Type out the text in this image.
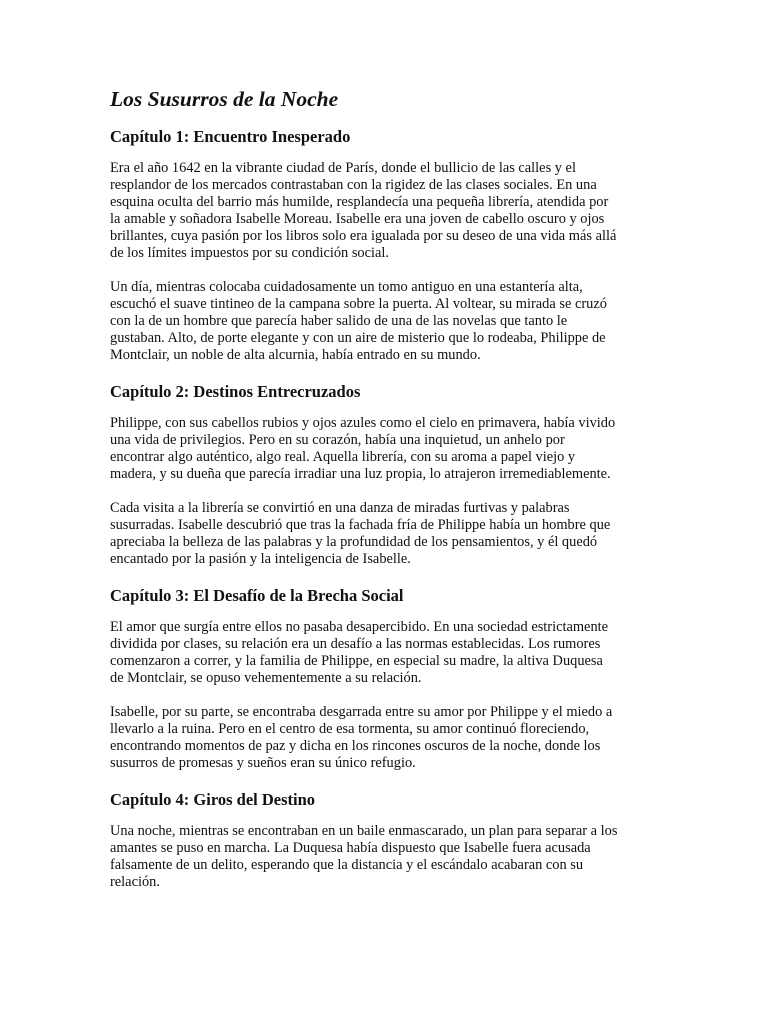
Los Susurros de la Noche
Capítulo 1: Encuentro Inesperado

Era el año 1642 en la vibrante ciudad de París, donde el bullicio de las calles y el
resplandor de los mercados contrastaban con la rigidez de las clases sociales. En una
esquina oculta del barrio más humilde, resplandecía una pequeña librería, atendida por
la amable y soñadora Isabelle Moreau. Isabelle era una joven de cabello oscuro y ojos
brillantes, cuya pasión por los libros solo era igualada por su deseo de una vida más allá
de los límites impuestos por su condición social.

Un día, mientras colocaba cuidadosamente un tomo antiguo en una estantería alta,
escuchó el suave tintineo de la campana sobre la puerta. Al voltear, su mirada se cruzó
con la de un hombre que parecía haber salido de una de las novelas que tanto le
gustaban. Alto, de porte elegante y con un aire de misterio que lo rodeaba, Philippe de
Montclair, un noble de alta alcurnia, había entrado en su mundo.

Capítulo 2: Destinos Entrecruzados

Philippe, con sus cabellos rubios y ojos azules como el cielo en primavera, había vivido
una vida de privilegios. Pero en su corazón, había una inquietud, un anhelo por
encontrar algo auténtico, algo real. Aquella librería, con su aroma a papel viejo y
madera, y su dueña que parecía irradiar una luz propia, lo atrajeron irremediablemente.

Cada visita a la librería se convirtió en una danza de miradas furtivas y palabras
susurradas. Isabelle descubrió que tras la fachada fría de Philippe había un hombre que
apreciaba la belleza de las palabras y la profundidad de los pensamientos, y él quedó
encantado por la pasión y la inteligencia de Isabelle.

Capítulo 3: El Desafío de la Brecha Social

El amor que surgía entre ellos no pasaba desapercibido. En una sociedad estrictamente
dividida por clases, su relación era un desafío a las normas establecidas. Los rumores
comenzaron a correr, y la familia de Philippe, en especial su madre, la altiva Duquesa
de Montclair, se opuso vehementemente a su relación.

Isabelle, por su parte, se encontraba desgarrada entre su amor por Philippe y el miedo a
llevarlo a la ruina. Pero en el centro de esa tormenta, su amor continuó floreciendo,
encontrando momentos de paz y dicha en los rincones oscuros de la noche, donde los
susurros de promesas y sueños eran su único refugio.

Capítulo 4: Giros del Destino

Una noche, mientras se encontraban en un baile enmascarado, un plan para separar a los
amantes se puso en marcha. La Duquesa había dispuesto que Isabelle fuera acusada
falsamente de un delito, esperando que la distancia y el escándalo acabaran con su
relación.
